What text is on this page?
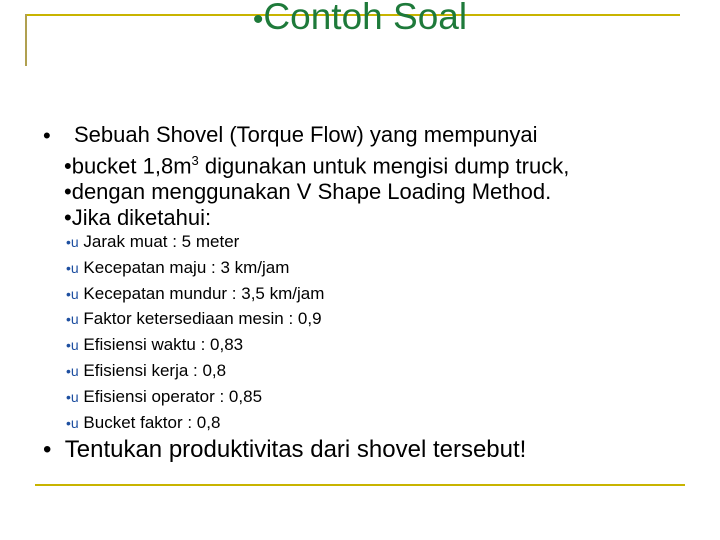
•Contoh Soal
•	Sebuah Shovel (Torque Flow) yang mempunyai
•bucket $1,8m^3$ digunakan untuk mengisi dump truck,
•dengan menggunakan V Shape Loading Method.
•Jika diketahui:
•u Jarak muat : 5 meter
•u Kecepatan maju : 3 km/jam
•u Kecepatan mundur : 3,5 km/jam
•u Faktor ketersediaan mesin : 0,9
•u Efisiensi waktu : 0,83
•u Efisiensi kerja : 0,8
•u Efisiensi operator : 0,85
•u Bucket faktor : 0,8
• Tentukan produktivitas dari shovel tersebut!
